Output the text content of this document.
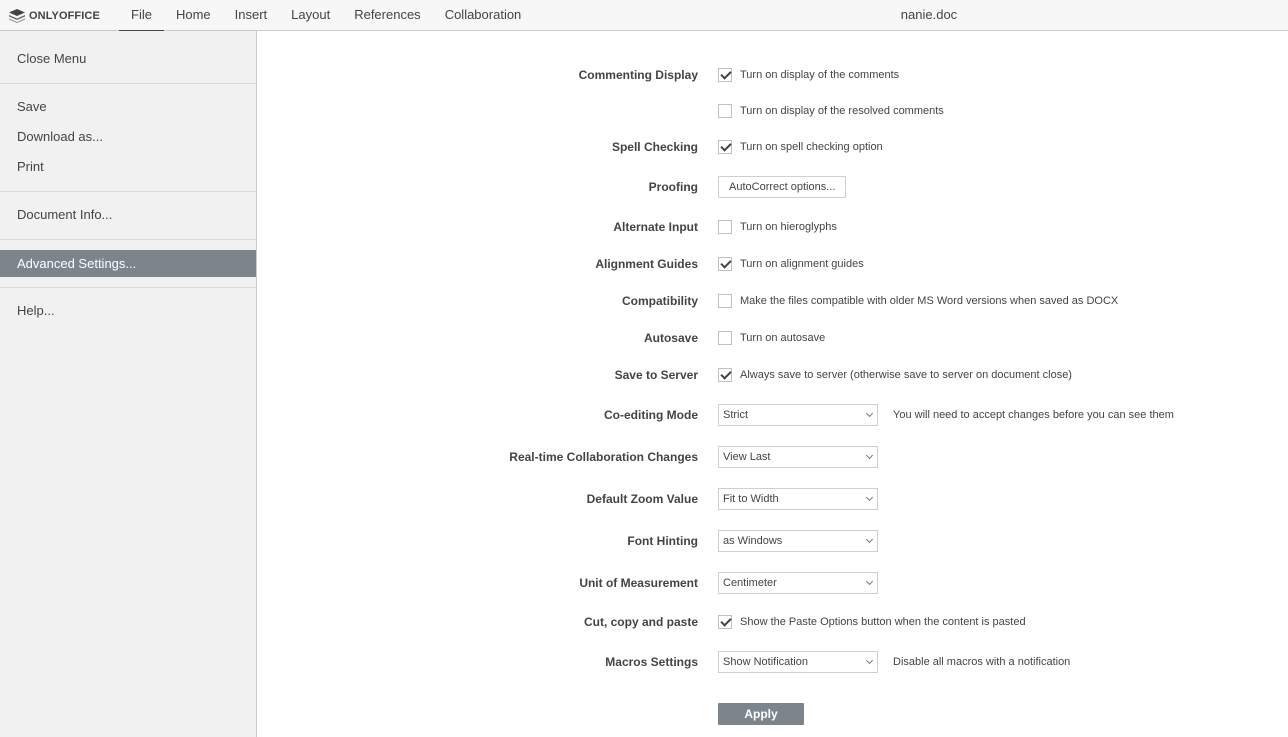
ONLYOFFICE	File	Home	Insert	Layout	References	Collaboration	nanie.doc
Close Menu
Save
Download as...
Print
Document Info...
Advanced Settings...
Help...
Commenting Display	Turn on display of the comments
Turn on display of the resolved comments
Spell Checking	Turn on spell checking option
Proofing	AutoCorrect options...
Alternate Input	Turn on hieroglyphs
Alignment Guides	Turn on alignment guides
Compatibility	Make the files compatible with older MS Word versions when saved as DOCX
Autosave	Turn on autosave
Save to Server	Always save to server (otherwise save to server on document close)
Co-editing Mode	Strict	You will need to accept changes before you can see them
Real-time Collaboration Changes	View Last
Default Zoom Value	Fit to Width
Font Hinting	as Windows
Unit of Measurement	Centimeter
Cut, copy and paste	Show the Paste Options button when the content is pasted
Macros Settings	Show Notification	Disable all macros with a notification
Apply
